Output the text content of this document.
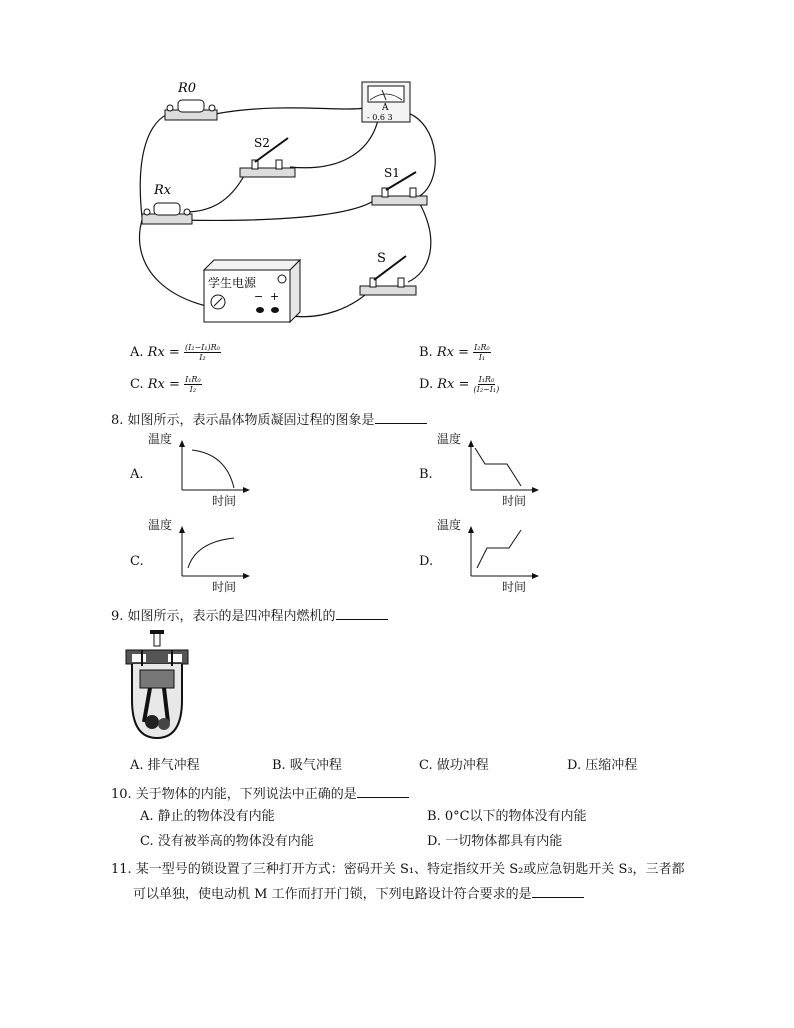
R0
A
- 0.6 3
S2
Rx
S1
S
学生电源
− +
A. $Rx = \frac{\text{(I₂−I₁)R₀}}{\text{I₂}}$	B. $Rx = \frac{\text{I₂R₀}}{\text{I₁}}$
C. $Rx = \frac{\text{I₁R₀}}{\text{I₂}}$	D. $Rx = \frac{\text{I₁R₀}}{\text{(I₂−I₁)}}$
8. 如图所示，表示晶体物质凝固过程的图象是
A.
温度
时间
B.
温度
时间
C.
温度
时间
D.
温度
时间
9. 如图所示，表示的是四冲程内燃机的
A. 排气冲程	B. 吸气冲程	C. 做功冲程	D. 压缩冲程
10. 关于物体的内能，下列说法中正确的是
A. 静止的物体没有内能	B. 0°C以下的物体没有内能
C. 没有被举高的物体没有内能	D. 一切物体都具有内能
11. 某一型号的锁设置了三种打开方式：密码开关 S₁、特定指纹开关 S₂或应急钥匙开关 S₃，三者都
可以单独，使电动机 M 工作而打开门锁，下列电路设计符合要求的是
